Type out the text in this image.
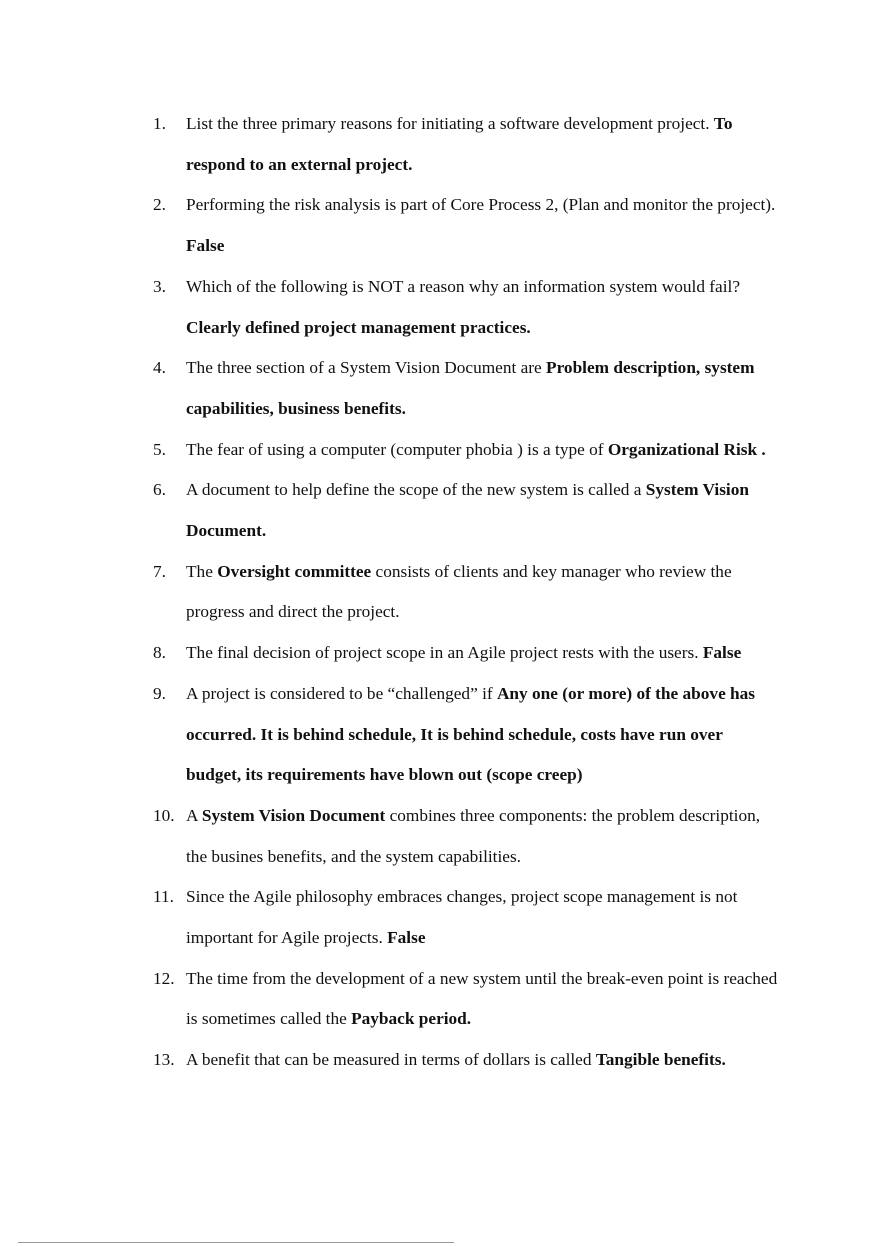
1.	List the three primary reasons for initiating a software development project. To respond to an external project.
2.	Performing the risk analysis is part of Core Process 2, (Plan and monitor the project). False
3.	Which of the following is NOT a reason why an information system would fail? Clearly defined project management practices.
4.	The three section of a System Vision Document are Problem description, system capabilities, business benefits.
5.	The fear of using a computer (computer phobia ) is a type of Organizational Risk .
6.	A document to help define the scope of the new system is called a System Vision Document.
7.	The Oversight committee consists of clients and key manager who review the progress and direct the project.
8.	The final decision of project scope in an Agile project rests with the users. False
9.	A project is considered to be “challenged” if Any one (or more) of the above has occurred. It is behind schedule, It is behind schedule, costs have run over budget, its requirements have blown out (scope creep)
10. A System Vision Document combines three components: the problem description, the busines benefits, and the system capabilities.
11. Since the Agile philosophy embraces changes, project scope management is not important for Agile projects. False
12. The time from the development of a new system until the break-even point is reached is sometimes called the Payback period.
13. A benefit that can be measured in terms of dollars is called Tangible benefits.
